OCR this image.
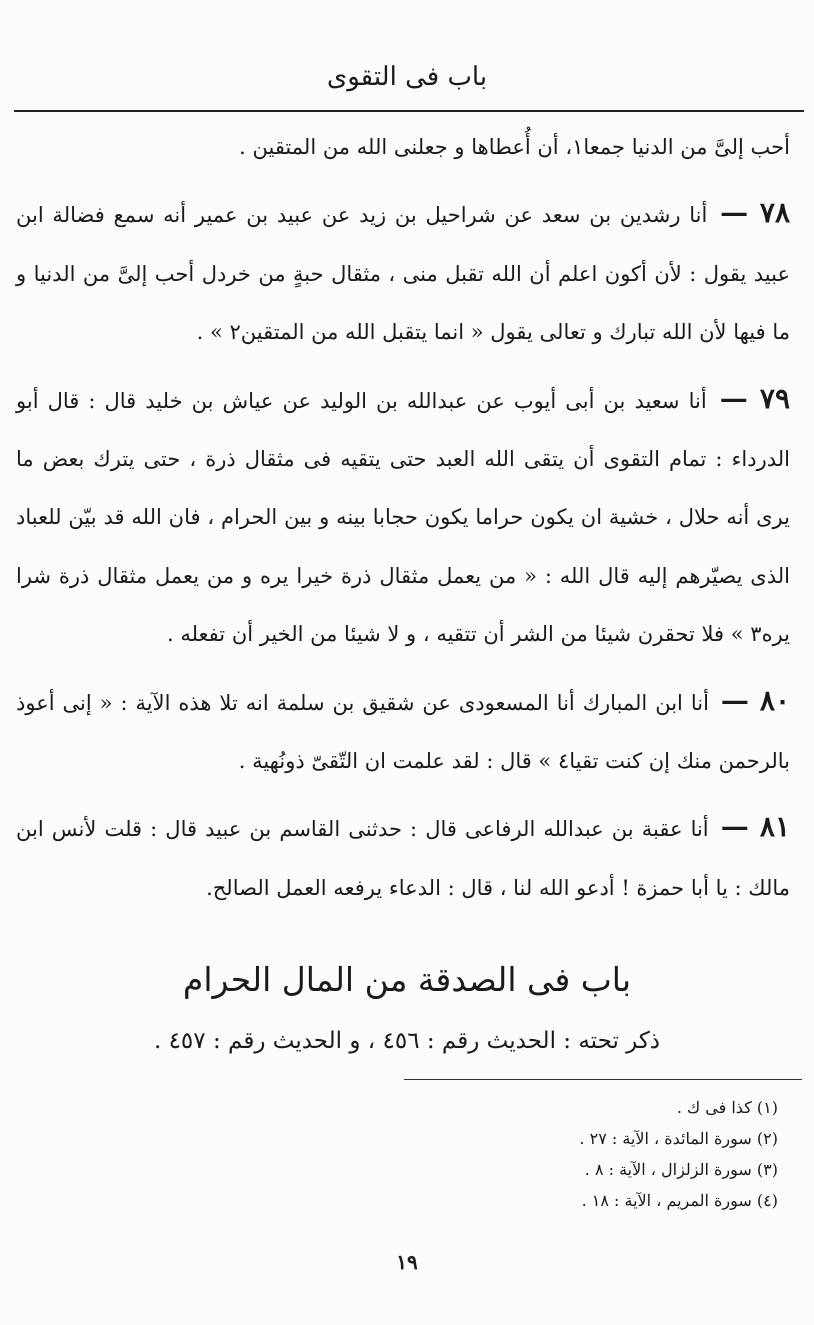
باب فى التقوى

أحب إلىَّ من الدنيا جمعا١، أن أُعطاها و جعلنى الله من المتقين .

٧٨ — أنا رشدين بن سعد عن شراحيل بن زيد عن عبيد بن عمير أنه سمع فضالة ابن عبيد يقول : لأن أكون اعلم أن الله تقبل منى ، مثقال حبةٍ من خردل أحب إلىَّ من الدنيا و ما فيها لأن الله تبارك و تعالى يقول « انما يتقبل الله من المتقين٢ » .

٧٩ — أنا سعيد بن أبى أيوب عن عبدالله بن الوليد عن عياش بن خليد قال : قال أبو الدرداء : تمام التقوى أن يتقى الله العبد حتى يتقيه فى مثقال ذرة ، حتى يترك بعض ما يرى أنه حلال ، خشية ان يكون حراما يكون حجابا بينه و بين الحرام ، فان الله قد بيّن للعباد الذى يصيّرهم إليه قال الله : « من يعمل مثقال ذرة خيرا يره و من يعمل مثقال ذرة شرا يره٣ » فلا تحقرن شيئا من الشر أن تتقيه ، و لا شيئا من الخير أن تفعله .

٨٠ — أنا ابن المبارك أنا المسعودى عن شقيق بن سلمة انه تلا هذه الآية : « إنى أعوذ بالرحمن منك إن كنت تقيا٤ » قال : لقد علمت ان التّقىّ ذونُهية .

٨١ — أنا عقبة بن عبدالله الرفاعى قال : حدثنى القاسم بن عبيد قال : قلت لأنس ابن مالك : يا أبا حمزة ! أدعو الله لنا ، قال : الدعاء يرفعه العمل الصالح.

باب فى الصدقة من المال الحرام
ذكر تحته : الحديث رقم : ٤٥٦ ، و الحديث رقم : ٤٥٧ .
(١) كذا فى ك .
(٢) سورة المائدة ، الآية : ٢٧ .
(٣) سورة الزلزال ، الآية : ٨ .
(٤) سورة المريم ، الآية : ١٨ .
١٩
